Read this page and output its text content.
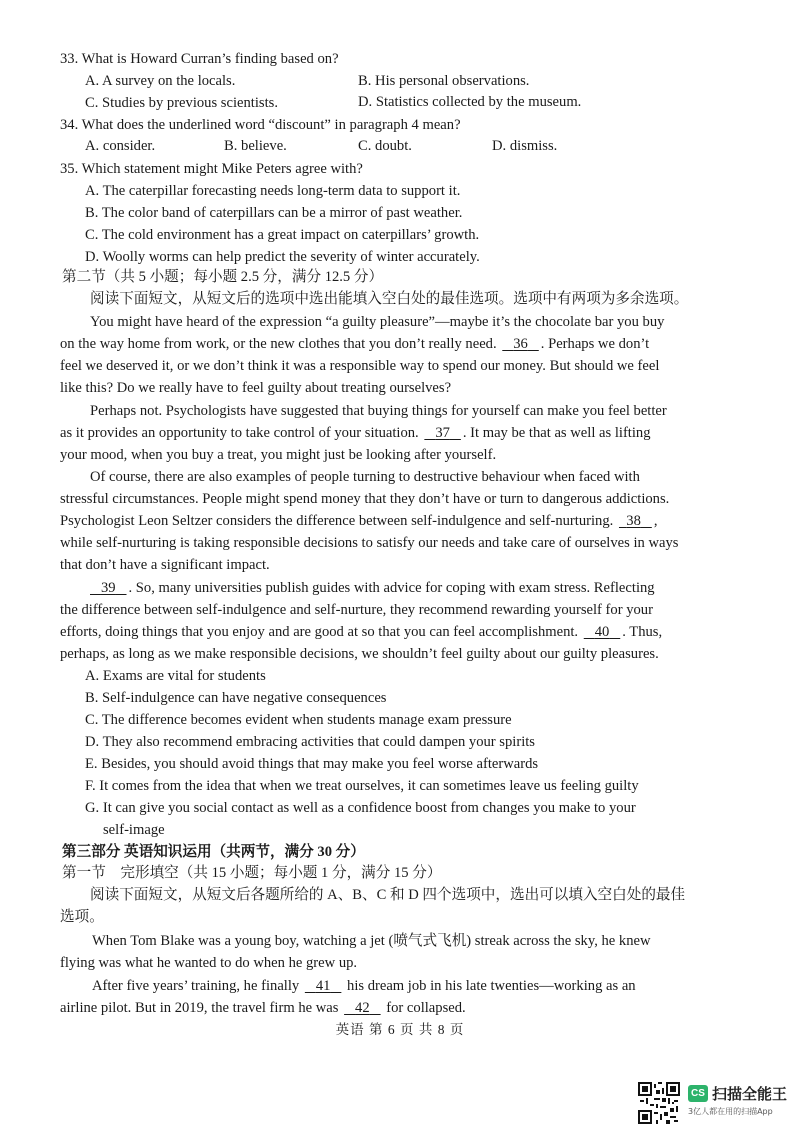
33. What is Howard Curran’s finding based on?
A. A survey on the locals.	B. His personal observations.
C. Studies by previous scientists.	D. Statistics collected by the museum.
34. What does the underlined word “discount” in paragraph 4 mean?
A. consider.	B. believe.	C. doubt.	D. dismiss.
35. Which statement might Mike Peters agree with?
A. The caterpillar forecasting needs long-term data to support it.
B. The color band of caterpillars can be a mirror of past weather.
C. The cold environment has a great impact on caterpillars’ growth.
D. Woolly worms can help predict the severity of winter accurately.
第二节（共 5 小题；每小题 2.5 分，满分 12.5 分）
阅读下面短文，从短文后的选项中选出能填入空白处的最佳选项。选项中有两项为多余选项。
You might have heard of the expression “a guilty pleasure”—maybe it’s the chocolate bar you buy
on the way home from work, or the new clothes that you don’t really need. 36 . Perhaps we don’t
feel we deserved it, or we don’t think it was a responsible way to spend our money. But should we feel
like this? Do we really have to feel guilty about treating ourselves?
Perhaps not. Psychologists have suggested that buying things for yourself can make you feel better
as it provides an opportunity to take control of your situation. 37 . It may be that as well as lifting
your mood, when you buy a treat, you might just be looking after yourself.
Of course, there are also examples of people turning to destructive behaviour when faced with
stressful circumstances. People might spend money that they don’t have or turn to dangerous addictions.
Psychologist Leon Seltzer considers the difference between self-indulgence and self-nurturing. 38 ,
while self-nurturing is taking responsible decisions to satisfy our needs and take care of ourselves in ways
that don’t have a significant impact.
39 . So, many universities publish guides with advice for coping with exam stress. Reflecting
the difference between self-indulgence and self-nurture, they recommend rewarding yourself for your
efforts, doing things that you enjoy and are good at so that you can feel accomplishment. 40 . Thus,
perhaps, as long as we make responsible decisions, we shouldn’t feel guilty about our guilty pleasures.
A. Exams are vital for students
B. Self-indulgence can have negative consequences
C. The difference becomes evident when students manage exam pressure
D. They also recommend embracing activities that could dampen your spirits
E. Besides, you should avoid things that may make you feel worse afterwards
F. It comes from the idea that when we treat ourselves, it can sometimes leave us feeling guilty
G. It can give you social contact as well as a confidence boost from changes you make to your
self-image
第三部分 英语知识运用（共两节，满分 30 分）
第一节　完形填空（共 15 小题；每小题 1 分，满分 15 分）
阅读下面短文，从短文后各题所给的 A、B、C 和 D 四个选项中，选出可以填入空白处的最佳
选项。
When Tom Blake was a young boy, watching a jet (喷气式飞机) streak across the sky, he knew
flying was what he wanted to do when he grew up.
After five years’ training, he finally 41 his dream job in his late twenties—working as an
airline pilot. But in 2019, the travel firm he was 42 for collapsed.
英语 第 6 页 共 8 页
CS 扫描全能王
3亿人都在用的扫描App
